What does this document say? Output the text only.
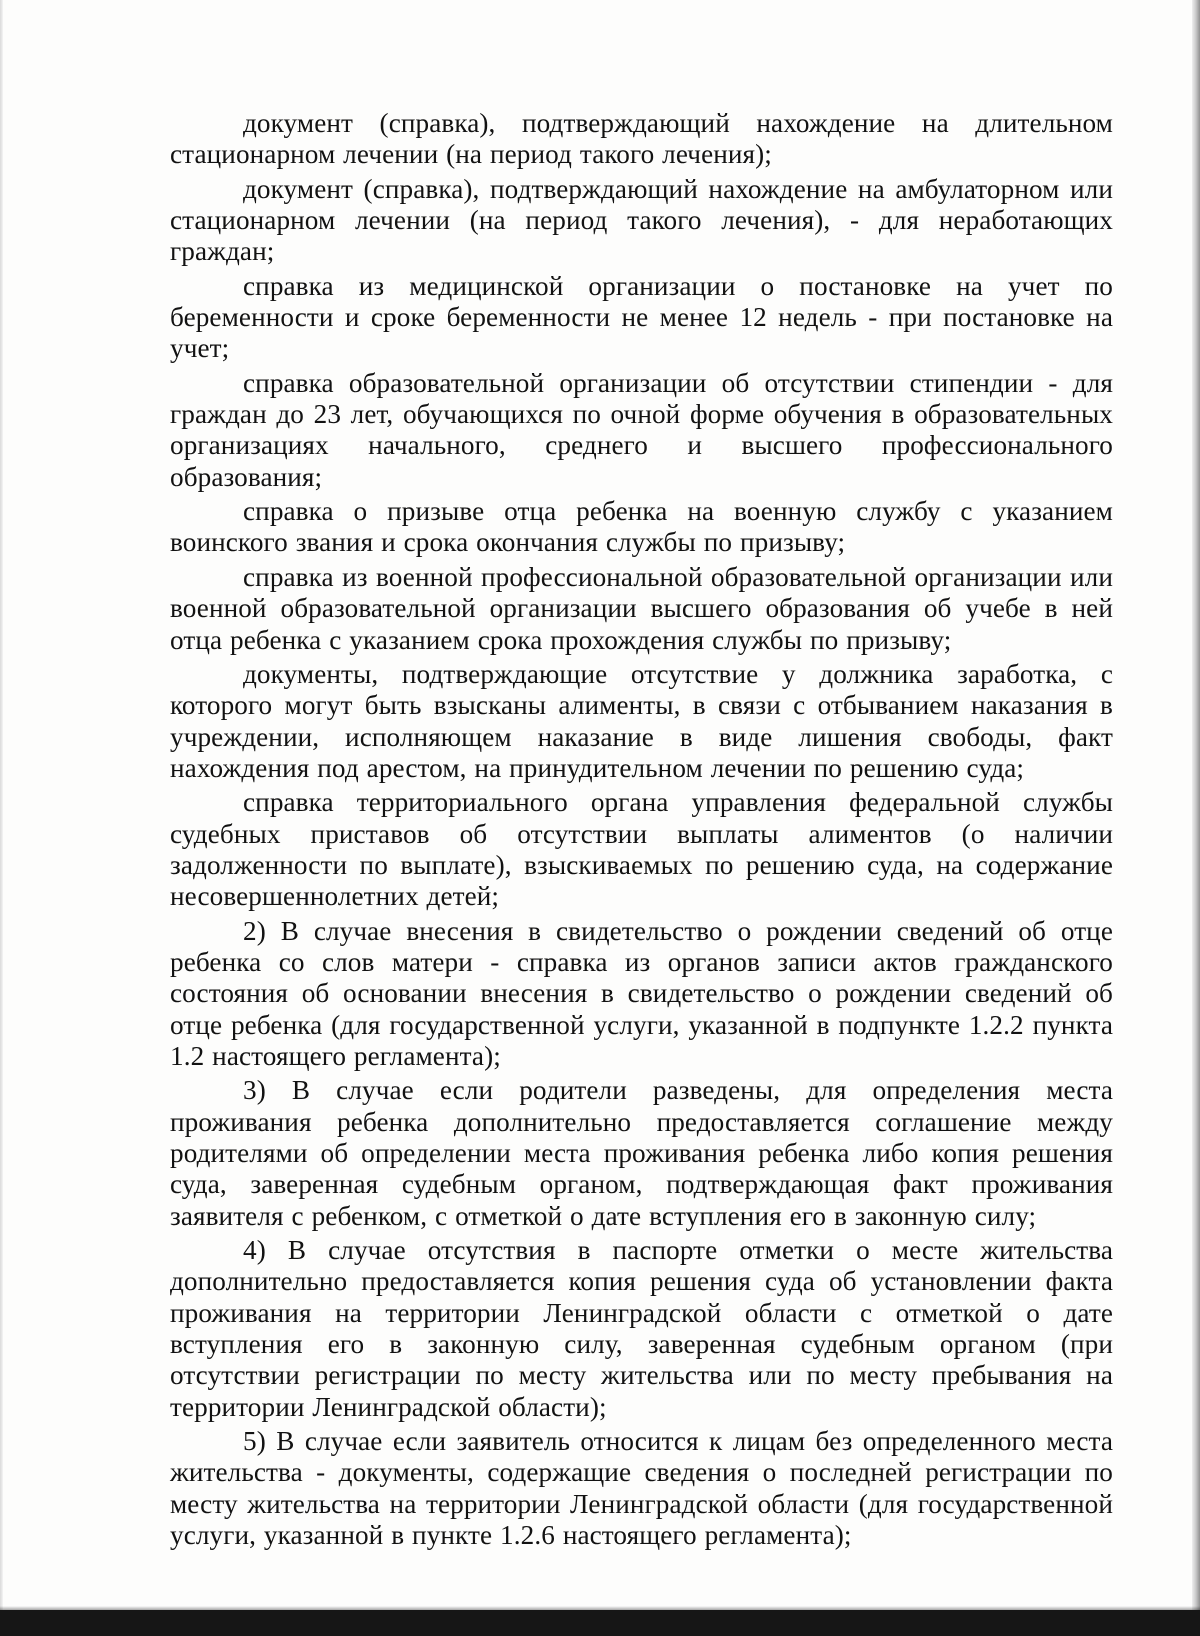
документ (справка), подтверждающий нахождение на длительном стационарном лечении (на период такого лечения);

документ (справка), подтверждающий нахождение на амбулаторном или стационарном лечении (на период такого лечения), - для неработающих граждан;

справка из медицинской организации о постановке на учет по беременности и сроке беременности не менее 12 недель - при постановке на учет;

справка образовательной организации об отсутствии стипендии - для граждан до 23 лет, обучающихся по очной форме обучения в образовательных организациях начального, среднего и высшего профессионального образования;

справка о призыве отца ребенка на военную службу с указанием воинского звания и срока окончания службы по призыву;

справка из военной профессиональной образовательной организации или военной образовательной организации высшего образования об учебе в ней отца ребенка с указанием срока прохождения службы по призыву;

документы, подтверждающие отсутствие у должника заработка, с которого могут быть взысканы алименты, в связи с отбыванием наказания в учреждении, исполняющем наказание в виде лишения свободы, факт нахождения под арестом, на принудительном лечении по решению суда;

справка территориального органа управления федеральной службы судебных приставов об отсутствии выплаты алиментов (о наличии задолженности по выплате), взыскиваемых по решению суда, на содержание несовершеннолетних детей;

2) В случае внесения в свидетельство о рождении сведений об отце ребенка со слов матери - справка из органов записи актов гражданского состояния об основании внесения в свидетельство о рождении сведений об отце ребенка (для государственной услуги, указанной в подпункте 1.2.2 пункта 1.2 настоящего регламента);

3) В случае если родители разведены, для определения места проживания ребенка дополнительно предоставляется соглашение между родителями об определении места проживания ребенка либо копия решения суда, заверенная судебным органом, подтверждающая факт проживания заявителя с ребенком, с отметкой о дате вступления его в законную силу;

4) В случае отсутствия в паспорте отметки о месте жительства дополнительно предоставляется копия решения суда об установлении факта проживания на территории Ленинградской области с отметкой о дате вступления его в законную силу, заверенная судебным органом (при отсутствии регистрации по месту жительства или по месту пребывания на территории Ленинградской области);

5) В случае если заявитель относится к лицам без определенного места жительства - документы, содержащие сведения о последней регистрации по месту жительства на территории Ленинградской области (для государственной услуги, указанной в пункте 1.2.6 настоящего регламента);
